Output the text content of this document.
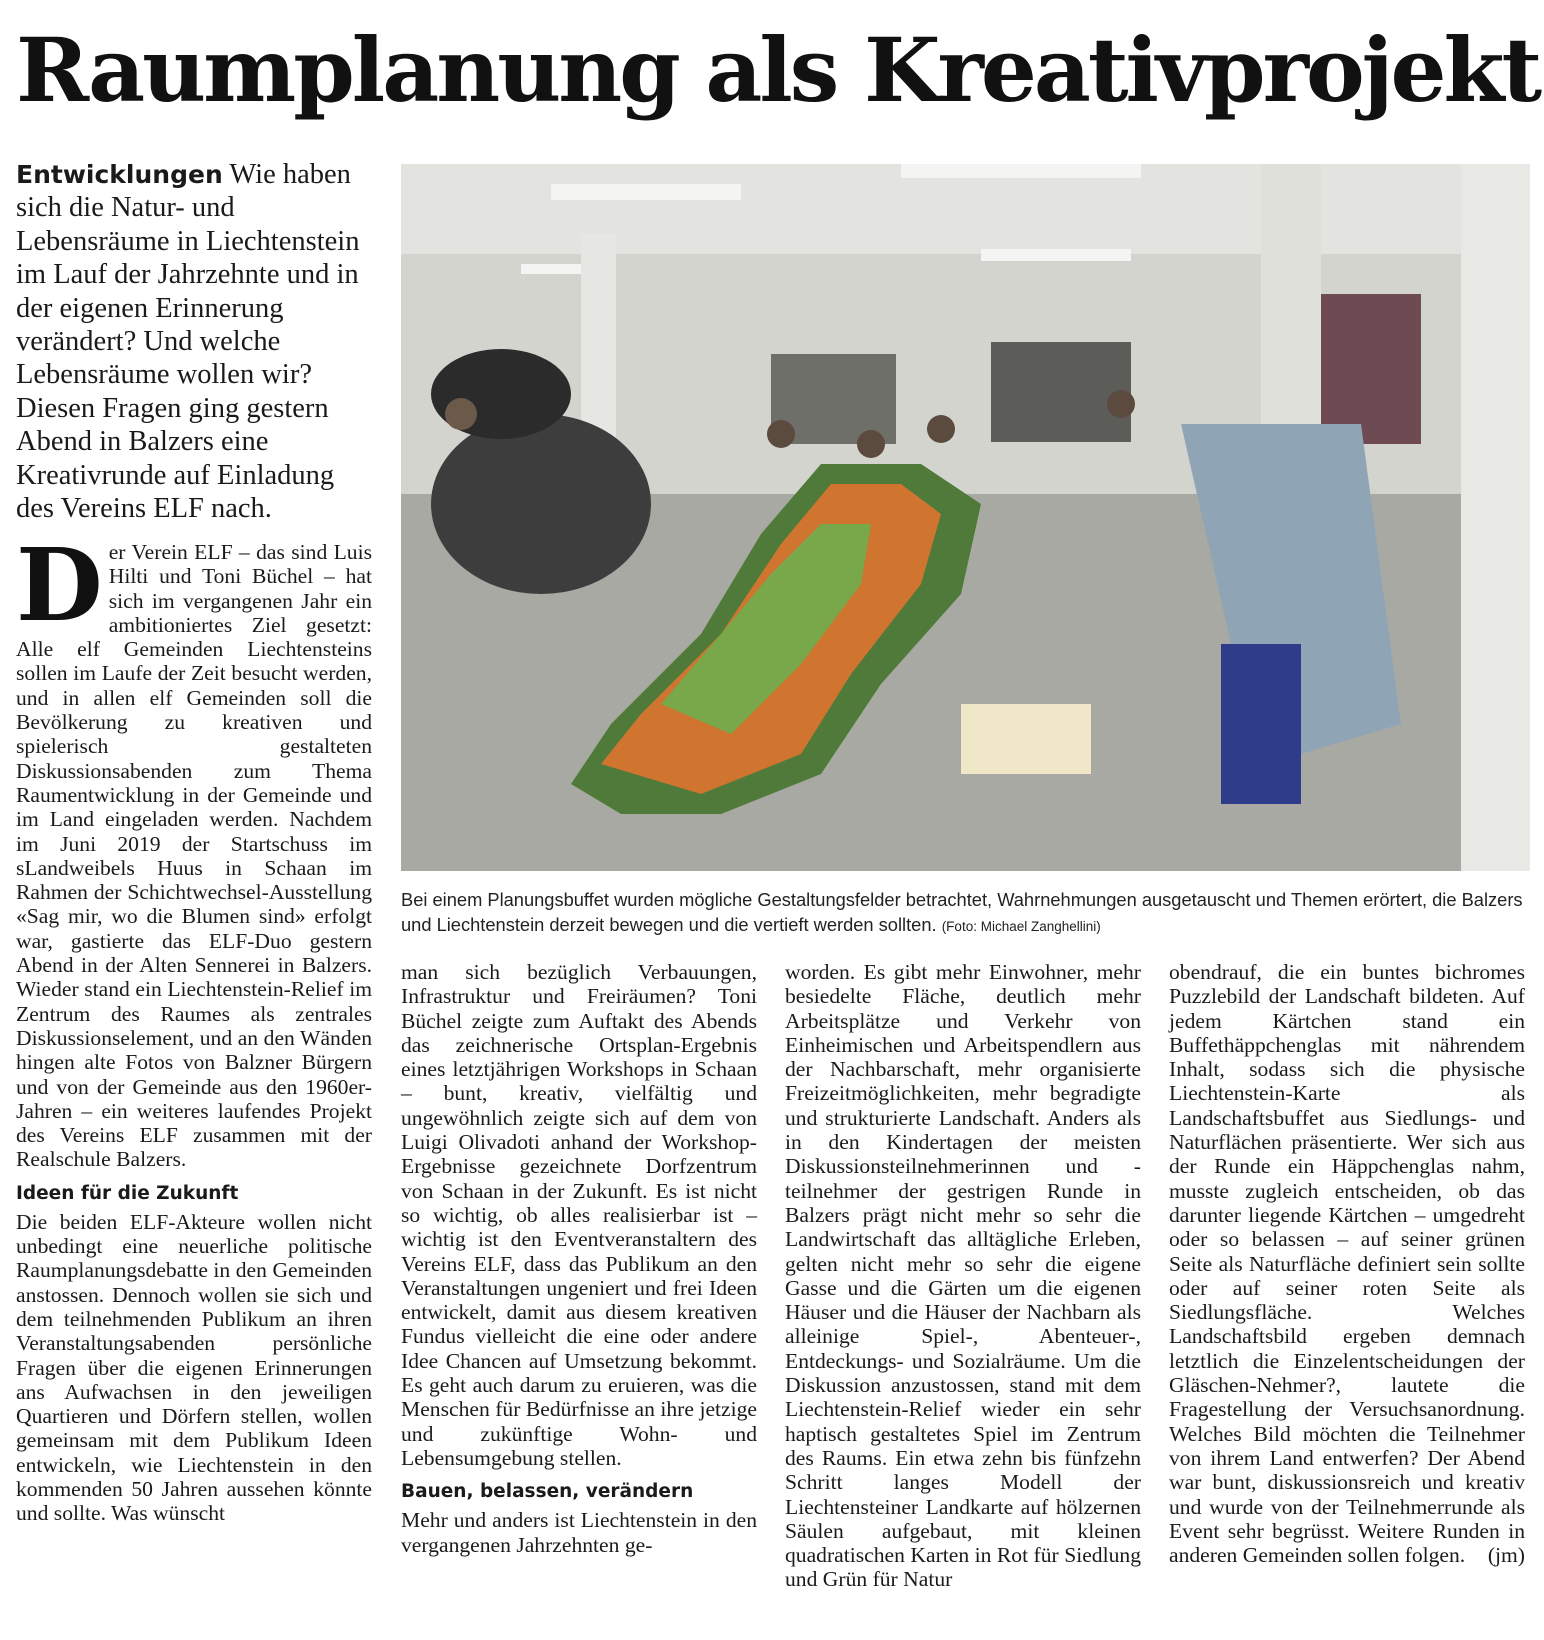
Raumplanung als Kreativprojekt

Entwicklungen Wie haben sich die Natur- und Lebensräume in Liechtenstein im Lauf der Jahrzehnte und in der eigenen Erinnerung verändert? Und welche Lebensräume wollen wir? Diesen Fragen ging gestern Abend in Balzers eine Kreativrunde auf Einladung des Vereins ELF nach.

Bei einem Planungsbuffet wurden mögliche Gestaltungsfelder betrachtet, Wahrnehmungen ausgetauscht und Themen erörtert, die Balzers und Liechtenstein derzeit bewegen und die vertieft werden sollten. (Foto: Michael Zanghellini)
D er Verein ELF – das sind Luis Hilti und Toni Büchel – hat sich im vergangenen Jahr ein ambitioniertes Ziel gesetzt: Alle elf Gemeinden Liechtensteins sollen im Laufe der Zeit besucht werden, und in allen elf Gemeinden soll die Bevölkerung zu kreativen und spielerisch gestalteten Diskussionsabenden zum Thema Raumentwicklung in der Gemeinde und im Land eingeladen werden. Nachdem im Juni 2019 der Startschuss im sLandweibels Huus in Schaan im Rahmen der Schichtwechsel-Ausstellung «Sag mir, wo die Blumen sind» erfolgt war, gastierte das ELF-Duo gestern Abend in der Alten Sennerei in Balzers. Wieder stand ein Liechtenstein-Relief im Zentrum des Raumes als zentrales Diskussionselement, und an den Wänden hingen alte Fotos von Balzner Bürgern und von der Gemeinde aus den 1960er-Jahren – ein weiteres laufendes Projekt des Vereins ELF zusammen mit der Realschule Balzers.

Ideen für die Zukunft

Die beiden ELF-Akteure wollen nicht unbedingt eine neuerliche politische Raumplanungsdebatte in den Gemeinden anstossen. Dennoch wollen sie sich und dem teilnehmenden Publikum an ihren Veranstaltungsabenden persönliche Fragen über die eigenen Erinnerungen ans Aufwachsen in den jeweiligen Quartieren und Dörfern stellen, wollen gemeinsam mit dem Publikum Ideen entwickeln, wie Liechtenstein in den kommenden 50 Jahren aussehen könnte und sollte. Was wünscht

man sich bezüglich Verbauungen, Infrastruktur und Freiräumen? Toni Büchel zeigte zum Auftakt des Abends das zeichnerische Ortsplan-Ergebnis eines letztjährigen Workshops in Schaan – bunt, kreativ, vielfältig und ungewöhnlich zeigte sich auf dem von Luigi Olivadoti anhand der Workshop-Ergebnisse gezeichnete Dorfzentrum von Schaan in der Zukunft. Es ist nicht so wichtig, ob alles realisierbar ist – wichtig ist den Eventveranstaltern des Vereins ELF, dass das Publikum an den Veranstaltungen ungeniert und frei Ideen entwickelt, damit aus diesem kreativen Fundus vielleicht die eine oder andere Idee Chancen auf Umsetzung bekommt. Es geht auch darum zu eruieren, was die Menschen für Bedürfnisse an ihre jetzige und zukünftige Wohn- und Lebensumgebung stellen.

Bauen, belassen, verändern

Mehr und anders ist Liechtenstein in den vergangenen Jahrzehnten ge-

worden. Es gibt mehr Einwohner, mehr besiedelte Fläche, deutlich mehr Arbeitsplätze und Verkehr von Einheimischen und Arbeitspendlern aus der Nachbarschaft, mehr organisierte Freizeitmöglichkeiten, mehr begradigte und strukturierte Landschaft. Anders als in den Kindertagen der meisten Diskussionsteilnehmerinnen und -teilnehmer der gestrigen Runde in Balzers prägt nicht mehr so sehr die Landwirtschaft das alltägliche Erleben, gelten nicht mehr so sehr die eigene Gasse und die Gärten um die eigenen Häuser und die Häuser der Nachbarn als alleinige Spiel-, Abenteuer-, Entdeckungs- und Sozialräume. Um die Diskussion anzustossen, stand mit dem Liechtenstein-Relief wieder ein sehr haptisch gestaltetes Spiel im Zentrum des Raums. Ein etwa zehn bis fünfzehn Schritt langes Modell der Liechtensteiner Landkarte auf hölzernen Säulen aufgebaut, mit kleinen quadratischen Karten in Rot für Siedlung und Grün für Natur

obendrauf, die ein buntes bichromes Puzzlebild der Landschaft bildeten. Auf jedem Kärtchen stand ein Buffethäppchenglas mit nährendem Inhalt, sodass sich die physische Liechtenstein-Karte als Landschaftsbuffet aus Siedlungs- und Naturflächen präsentierte. Wer sich aus der Runde ein Häppchenglas nahm, musste zugleich entscheiden, ob das darunter liegende Kärtchen – umgedreht oder so belassen – auf seiner grünen Seite als Naturfläche definiert sein sollte oder auf seiner roten Seite als Siedlungsfläche. Welches Landschaftsbild ergeben demnach letztlich die Einzelentscheidungen der Gläschen-Nehmer?, lautete die Fragestellung der Versuchsanordnung. Welches Bild möchten die Teilnehmer von ihrem Land entwerfen? Der Abend war bunt, diskussionsreich und kreativ und wurde von der Teilnehmerrunde als Event sehr begrüsst. Weitere Runden in anderen Gemeinden sollen folgen. (jm)
